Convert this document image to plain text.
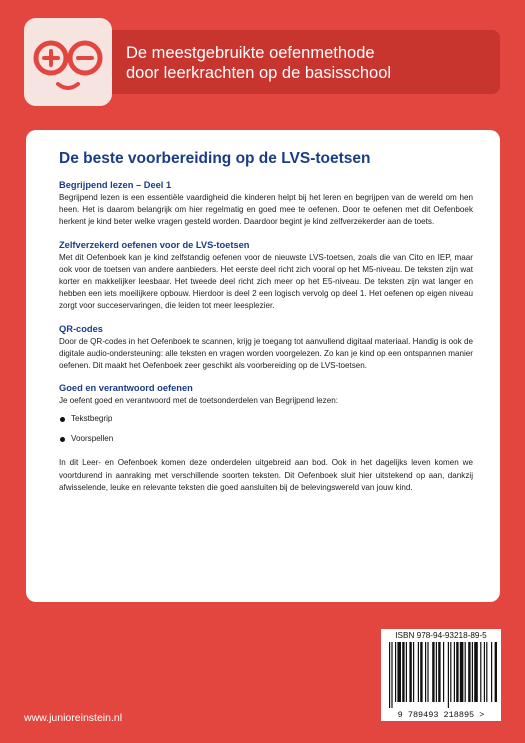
De meestgebruikte oefenmethode
door leerkrachten op de basisschool
De beste voorbereiding op de LVS-toetsen
Begrijpend lezen – Deel 1

Begrijpend lezen is een essentiële vaardigheid die kinderen helpt bij het leren en begrijpen van de wereld om hen heen. Het is daarom belangrijk om hier regelmatig en goed mee te oefenen. Door te oefenen met dit Oefenboek herkent je kind beter welke vragen gesteld worden. Daardoor begint je kind zelfverzekerder aan de toets.

Zelfverzekerd oefenen voor de LVS-toetsen

Met dit Oefenboek kan je kind zelfstandig oefenen voor de nieuwste LVS-toetsen, zoals die van Cito en IEP, maar ook voor de toetsen van andere aanbieders. Het eerste deel richt zich vooral op het M5-niveau. De teksten zijn wat korter en makkelijker leesbaar. Het tweede deel richt zich meer op het E5-niveau. De teksten zijn wat langer en hebben een iets moeilijkere opbouw. Hierdoor is deel 2 een logisch vervolg op deel 1. Het oefenen op eigen niveau zorgt voor succeservaringen, die leiden tot meer leesplezier.

QR-codes

Door de QR-codes in het Oefenboek te scannen, krijg je toegang tot aanvullend digitaal materiaal. Handig is ook de digitale audio-ondersteuning: alle teksten en vragen worden voorgelezen. Zo kan je kind op een ontspannen manier oefenen. Dit maakt het Oefenboek zeer geschikt als voorbereiding op de LVS-toetsen.

Goed en verantwoord oefenen

Je oefent goed en verantwoord met de toetsonderdelen van Begrijpend lezen:

Tekstbegrip
Voorspellen

In dit Leer- en Oefenboek komen deze onderdelen uitgebreid aan bod. Ook in het dagelijks leven komen we voortdurend in aanraking met verschillende soorten teksten. Dit Oefenboek sluit hier uitstekend op aan, dankzij afwisselende, leuke en relevante teksten die goed aansluiten bij de belevingswereld van jouw kind.

ISBN 978-94-93218-89-5
9 789493 218895 >
www.junioreinstein.nl
